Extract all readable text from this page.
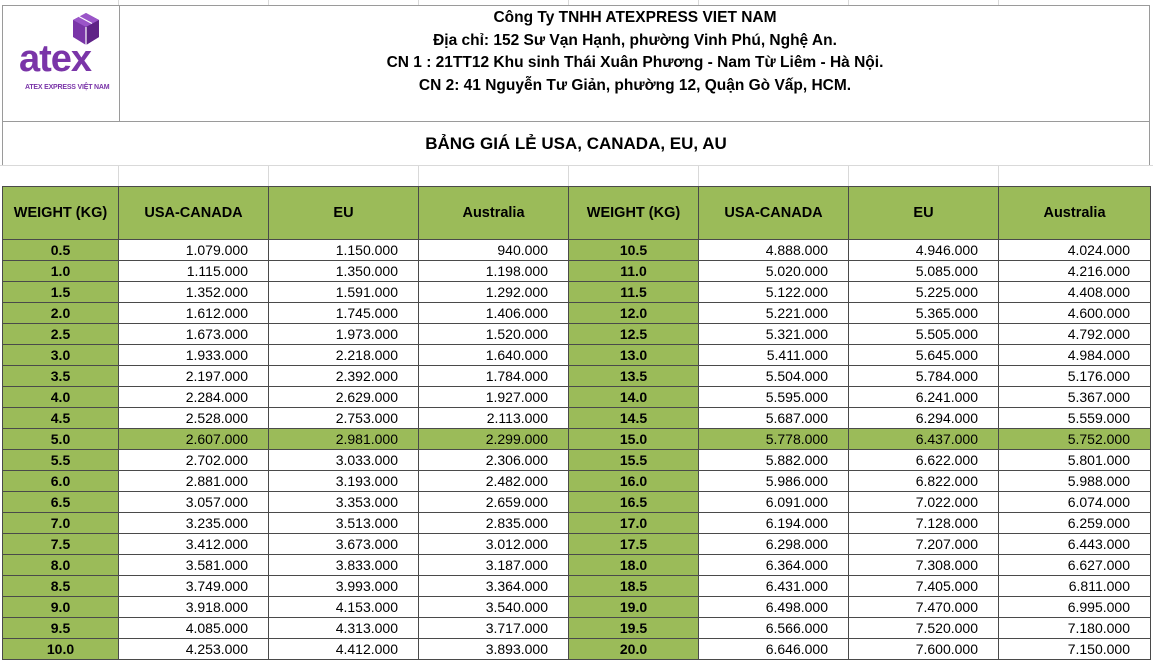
atex
ATEX EXPRESS VIỆT NAM
Công Ty TNHH ATEXPRESS VIET NAM
Địa chỉ: 152 Sư Vạn Hạnh, phường Vinh Phú, Nghệ An.
CN 1 : 21TT12 Khu sinh Thái Xuân Phương - Nam Từ Liêm - Hà Nội.
CN 2: 41 Nguyễn Tư Giản, phường 12, Quận Gò Vấp, HCM.
BẢNG GIÁ LẺ USA, CANADA, EU, AU
WEIGHT (KG)	USA-CANADA	EU	Australia	WEIGHT (KG)	USA-CANADA	EU	Australia
0.5	1.079.000	1.150.000	940.000	10.5	4.888.000	4.946.000	4.024.000
1.0	1.115.000	1.350.000	1.198.000	11.0	5.020.000	5.085.000	4.216.000
1.5	1.352.000	1.591.000	1.292.000	11.5	5.122.000	5.225.000	4.408.000
2.0	1.612.000	1.745.000	1.406.000	12.0	5.221.000	5.365.000	4.600.000
2.5	1.673.000	1.973.000	1.520.000	12.5	5.321.000	5.505.000	4.792.000
3.0	1.933.000	2.218.000	1.640.000	13.0	5.411.000	5.645.000	4.984.000
3.5	2.197.000	2.392.000	1.784.000	13.5	5.504.000	5.784.000	5.176.000
4.0	2.284.000	2.629.000	1.927.000	14.0	5.595.000	6.241.000	5.367.000
4.5	2.528.000	2.753.000	2.113.000	14.5	5.687.000	6.294.000	5.559.000
5.0	2.607.000	2.981.000	2.299.000	15.0	5.778.000	6.437.000	5.752.000
5.5	2.702.000	3.033.000	2.306.000	15.5	5.882.000	6.622.000	5.801.000
6.0	2.881.000	3.193.000	2.482.000	16.0	5.986.000	6.822.000	5.988.000
6.5	3.057.000	3.353.000	2.659.000	16.5	6.091.000	7.022.000	6.074.000
7.0	3.235.000	3.513.000	2.835.000	17.0	6.194.000	7.128.000	6.259.000
7.5	3.412.000	3.673.000	3.012.000	17.5	6.298.000	7.207.000	6.443.000
8.0	3.581.000	3.833.000	3.187.000	18.0	6.364.000	7.308.000	6.627.000
8.5	3.749.000	3.993.000	3.364.000	18.5	6.431.000	7.405.000	6.811.000
9.0	3.918.000	4.153.000	3.540.000	19.0	6.498.000	7.470.000	6.995.000
9.5	4.085.000	4.313.000	3.717.000	19.5	6.566.000	7.520.000	7.180.000
10.0	4.253.000	4.412.000	3.893.000	20.0	6.646.000	7.600.000	7.150.000
